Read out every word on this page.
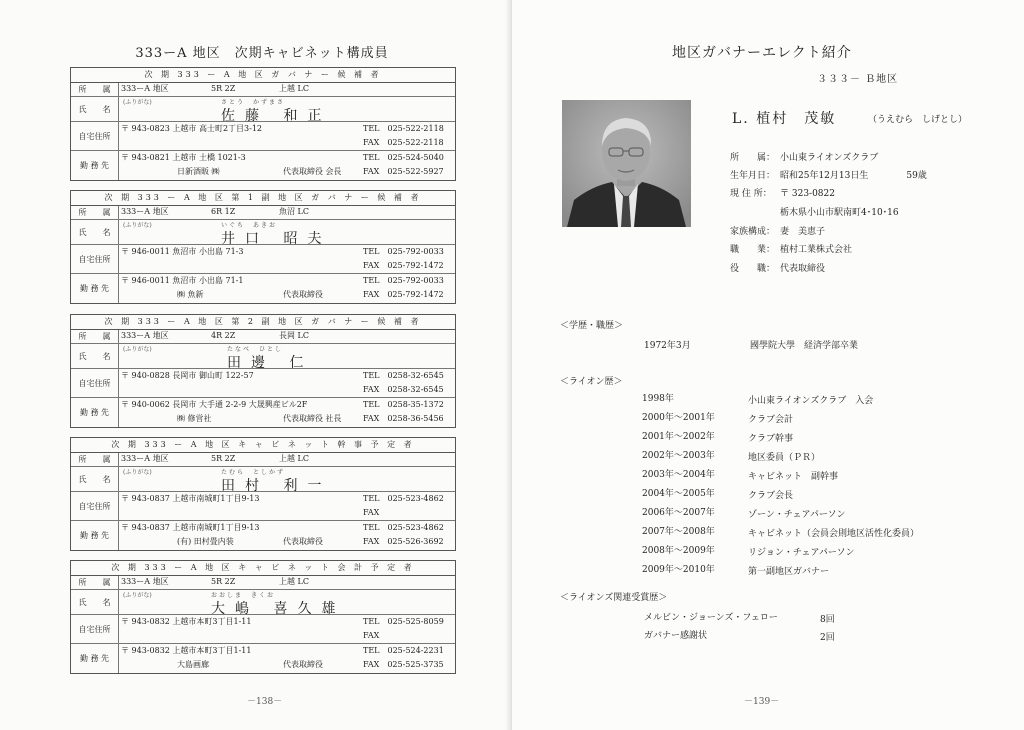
333ーA 地区　次期キャビネット構成員
次 期 333 ー A 地 区 ガ バ ナ ー 候 補 者
所　　属	333ーA 地区	5R 2Z	上越 LC
氏　　名
(ふりがな)	さとう　かずまさ
佐藤 和正
自宅住所
〒 943-0823 上越市 高士町2丁目3-12	TEL　025-522-2118
FAX　025-522-2118
勤 務 先
〒 943-0821 上越市 土橋 1021-3	TEL　025-524-5040
日新酒販 ㈱	代表取締役 会長	FAX　025-522-5927
次 期 333 ー A 地 区 第 1 副 地 区 ガ バ ナ ー 候 補 者
所　　属	333ーA 地区	6R 1Z	魚沼 LC
氏　　名
(ふりがな)	いぐち　あきお
井口 昭夫
自宅住所
〒 946-0011 魚沼市 小出島 71-3	TEL　025-792-0033
FAX　025-792-1472
勤 務 先
〒 946-0011 魚沼市 小出島 71-1	TEL　025-792-0033
㈱ 魚新	代表取締役	FAX　025-792-1472
次 期 333 ー A 地 区 第 2 副 地 区 ガ バ ナ ー 候 補 者
所　　属	333ーA 地区	4R 2Z	長岡 LC
氏　　名
(ふりがな)	たなべ　ひとし
田邊 仁
自宅住所
〒 940-0828 長岡市 御山町 122-57	TEL　0258-32-6545
FAX　0258-32-6545
勤 務 先
〒 940-0062 長岡市 大手通 2-2-9 大晟興産ビル2F	TEL　0258-35-1372
㈱ 修営社	代表取締役 社長	FAX　0258-36-5456
次 期 333 ー A 地 区 キ ャ ビ ネ ッ ト 幹 事 予 定 者
所　　属	333ーA 地区	5R 2Z	上越 LC
氏　　名
(ふりがな)	たむら　としかず
田村 利一
自宅住所
〒 943-0837 上越市南城町1丁目9-13	TEL　025-523-4862
FAX
勤 務 先
〒 943-0837 上越市南城町1丁目9-13	TEL　025-523-4862
(有) 田村畳内装	代表取締役	FAX　025-526-3692
次 期 333 ー A 地 区 キ ャ ビ ネ ッ ト 会 計 予 定 者
所　　属	333ーA 地区	5R 2Z	上越 LC
氏　　名
(ふりがな)	おおしま　きくお
大嶋 喜久雄
自宅住所
〒 943-0832 上越市本町3丁目1-11	TEL　025-525-8059
FAX
勤 務 先
〒 943-0832 上越市本町3丁目1-11	TEL　025-524-2231
大島画廊	代表取締役	FAX　025-525-3735
－138－
地区ガバナーエレクト紹介
３３３－ Ｂ地区
L. 植村　茂敏	（うえむら　しげとし）
所　　属： 小山東ライオンズクラブ
生年月日： 昭和25年12月13日生	59歳
現 住 所： 〒 323-0822
栃木県小山市駅南町4･10･16
家族構成： 妻　美恵子
職　　業： 植村工業株式会社
役　　職： 代表取締役
＜学歴・職歴＞
1972年3月	國學院大學　経済学部卒業
＜ライオン歴＞
1998年	小山東ライオンズクラブ　入会
2000年～2001年	クラブ会計
2001年～2002年	クラブ幹事
2002年～2003年	地区委員（ＰＲ）
2003年～2004年	キャビネット　副幹事
2004年～2005年	クラブ会長
2006年～2007年	ゾーン・チェアパーソン
2007年～2008年	キャビネット（会員会則地区活性化委員）
2008年～2009年	リジョン・チェアパーソン
2009年～2010年	第一副地区ガバナー
＜ライオンズ関連受賞歴＞
メルビン・ジョーンズ・フェロー	8回
ガバナー感謝状	2回
－139－
